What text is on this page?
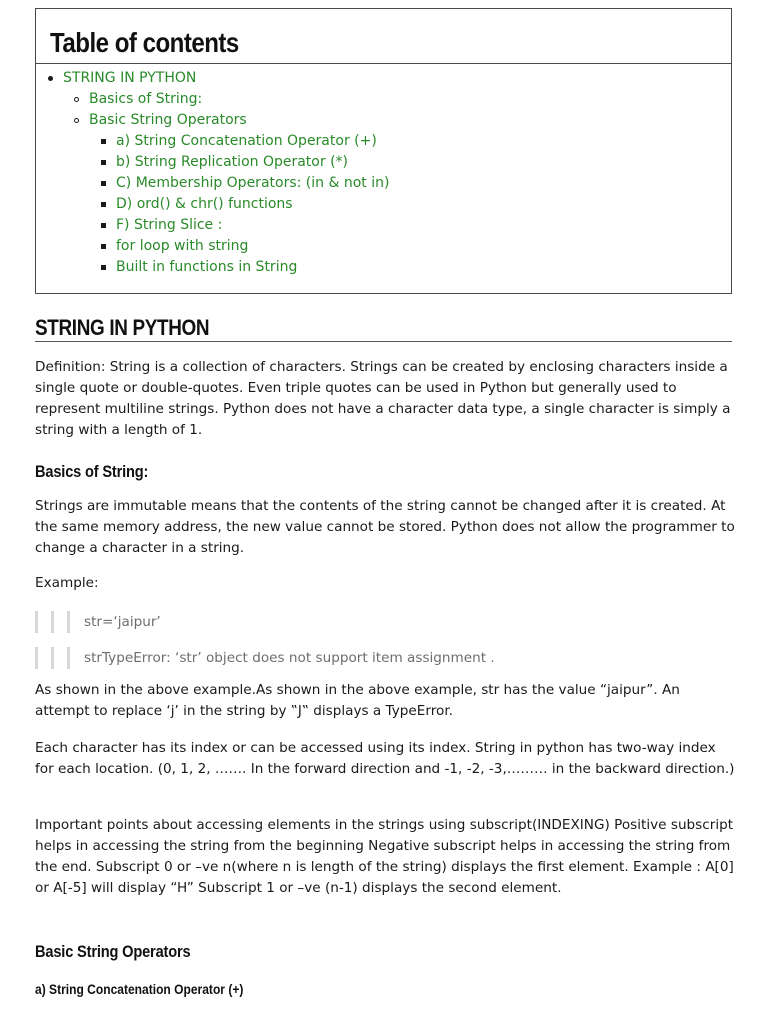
Table of contents
STRING IN PYTHON
Basics of String:
Basic String Operators
a) String Concatenation Operator (+)
b) String Replication Operator (*)
C) Membership Operators: (in & not in)
D) ord() & chr() functions
F) String Slice :
for loop with string
Built in functions in String
STRING IN PYTHON

Definition: String is a collection of characters. Strings can be created by enclosing characters inside a single quote or double-quotes. Even triple quotes can be used in Python but generally used to represent multiline strings. Python does not have a character data type, a single character is simply a string with a length of 1.

Basics of String:

Strings are immutable means that the contents of the string cannot be changed after it is created. At the same memory address, the new value cannot be stored. Python does not allow the programmer to change a character in a string.

Example:

str=‘jaipur’
strTypeError: ‘str’ object does not support item assignment .

As shown in the above example.As shown in the above example, str has the value “jaipur”. An attempt to replace ‘j’ in the string by ‟J‟ displays a TypeError.

Each character has its index or can be accessed using its index. String in python has two-way index for each location. (0, 1, 2, ……. In the forward direction and -1, -2, -3,……… in the backward direction.)

Important points about accessing elements in the strings using subscript(INDEXING) Positive subscript helps in accessing the string from the beginning Negative subscript helps in accessing the string from the end. Subscript 0 or –ve n(where n is length of the string) displays the first element. Example : A[0] or A[-5] will display “H” Subscript 1 or –ve (n-1) displays the second element.

Basic String Operators
a) String Concatenation Operator (+)
